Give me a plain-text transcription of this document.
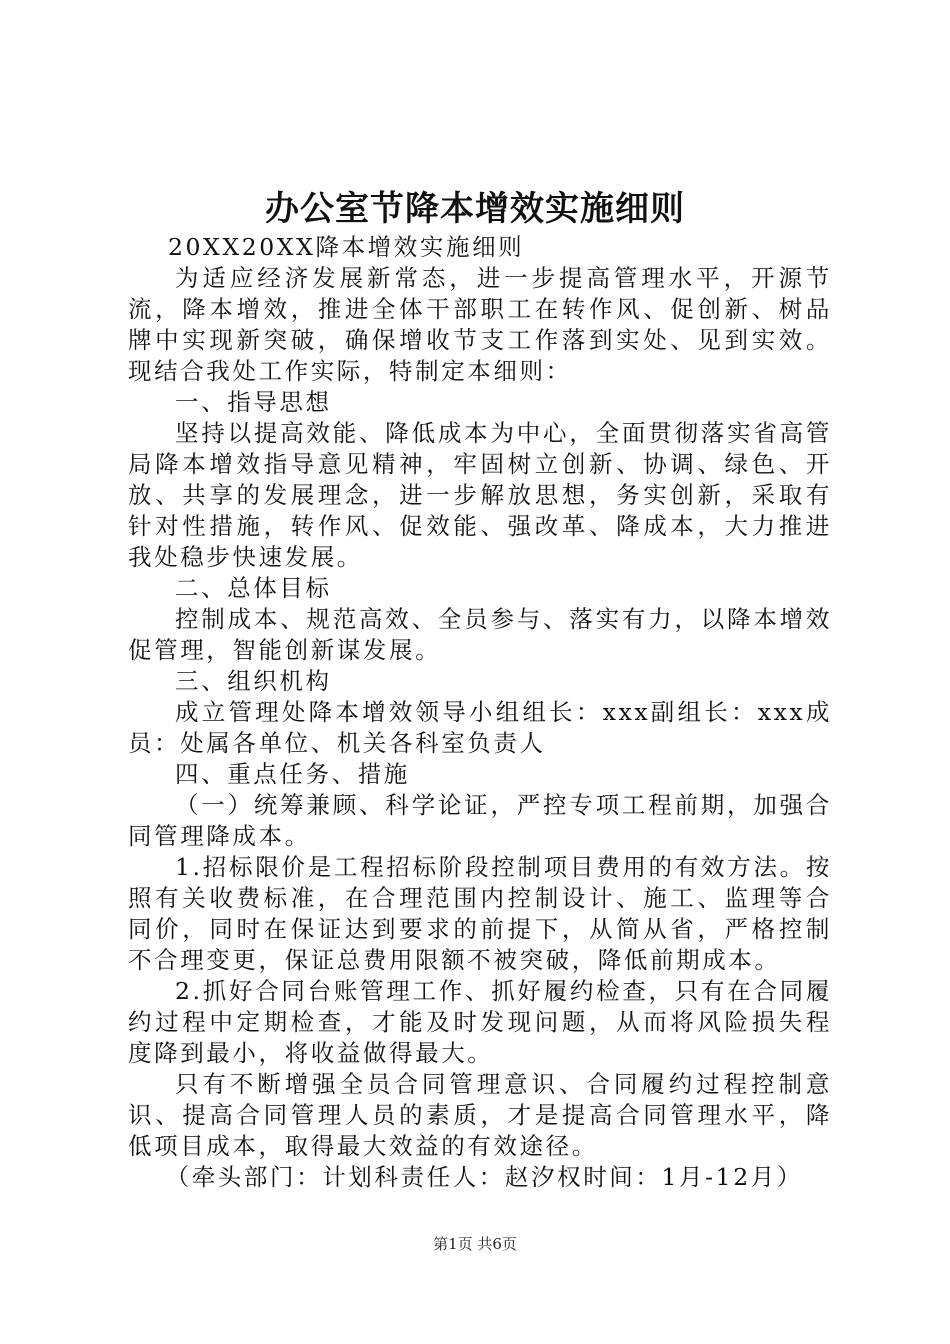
办公室节降本增效实施细则

20XX20XX降本增效实施细则

为适应经济发展新常态，进一步提高管理水平，开源节流，降本增效，推进全体干部职工在转作风、促创新、树品牌中实现新突破，确保增收节支工作落到实处、见到实效。现结合我处工作实际，特制定本细则：

一、指导思想

坚持以提高效能、降低成本为中心，全面贯彻落实省高管局降本增效指导意见精神，牢固树立创新、协调、绿色、开放、共享的发展理念，进一步解放思想，务实创新，采取有针对性措施，转作风、促效能、强改革、降成本，大力推进我处稳步快速发展。

二、总体目标

控制成本、规范高效、全员参与、落实有力，以降本增效促管理，智能创新谋发展。

三、组织机构

成立管理处降本增效领导小组组长：xxx副组长：xxx成员：处属各单位、机关各科室负责人

四、重点任务、措施

（一）统筹兼顾、科学论证，严控专项工程前期，加强合同管理降成本。

1.招标限价是工程招标阶段控制项目费用的有效方法。按照有关收费标准，在合理范围内控制设计、施工、监理等合同价，同时在保证达到要求的前提下，从简从省，严格控制不合理变更，保证总费用限额不被突破，降低前期成本。

2.抓好合同台账管理工作、抓好履约检查，只有在合同履约过程中定期检查，才能及时发现问题，从而将风险损失程度降到最小，将收益做得最大。

只有不断增强全员合同管理意识、合同履约过程控制意识、提高合同管理人员的素质，才是提高合同管理水平，降低项目成本，取得最大效益的有效途径。

（牵头部门：计划科责任人：赵汐权时间：1月-12月）

第1页 共6页
